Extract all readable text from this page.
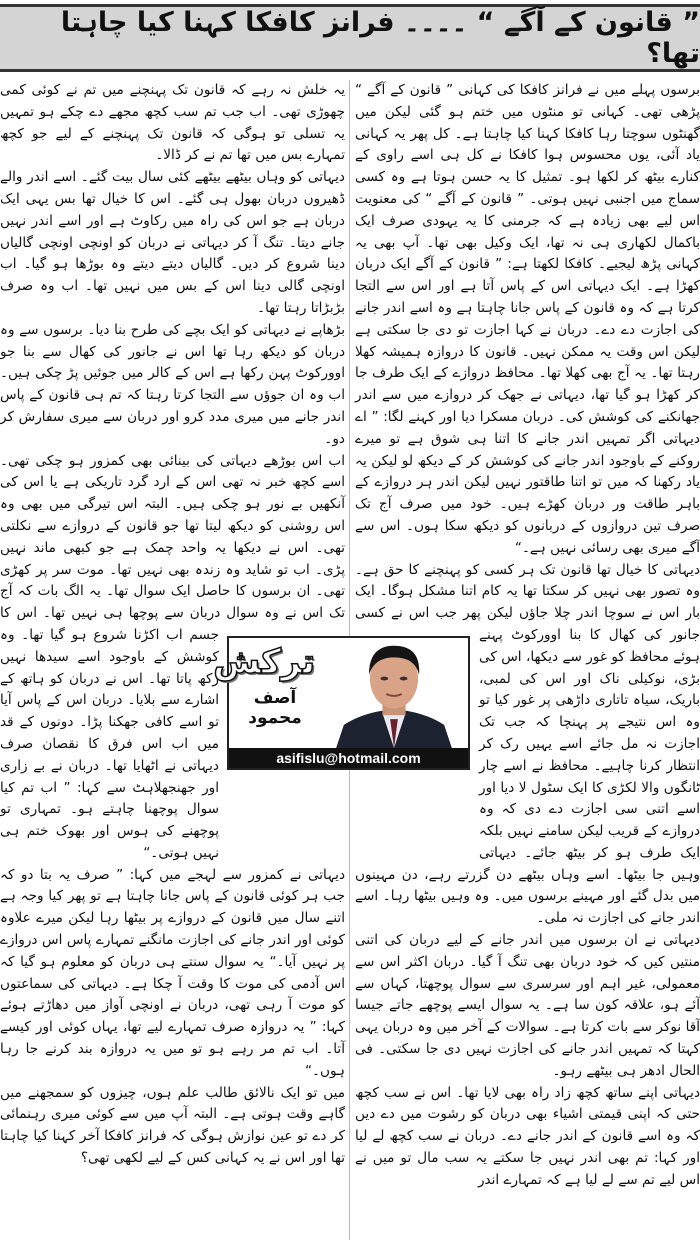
” قانون کے آگے “ ۔۔۔۔ فرانز کافکا کہنا کیا چاہتا تھا؟

برسوں پہلے میں نے فرانز کافکا کی کہانی ” قانون کے آگے “ پڑھی تھی۔ کہانی تو منٹوں میں ختم ہو گئی لیکن میں گھنٹوں سوچتا رہا کافکا کہنا کیا چاہتا ہے۔ کل پھر یہ کہانی یاد آئی، یوں محسوس ہوا کافکا نے کل ہی اسے راوی کے کنارے بیٹھ کر لکھا ہو۔ تمثیل کا یہ حسن ہوتا ہے وہ کسی سماج میں اجنبی نہیں ہوتی۔ ” قانون کے آگے “ کی معنویت اس لیے بھی زیادہ ہے کہ جرمنی کا یہ یہودی صرف ایک باکمال لکھاری ہی نہ تھا، ایک وکیل بھی تھا۔ آپ بھی یہ کہانی پڑھ لیجیے۔ کافکا لکھتا ہے: ” قانون کے آگے ایک دربان کھڑا ہے۔ ایک دیہاتی اس کے پاس آتا ہے اور اس سے التجا کرتا ہے کہ وہ قانون کے پاس جانا چاہتا ہے وہ اسے اندر جانے کی اجازت دے دے۔ دربان نے کہا اجازت تو دی جا سکتی ہے لیکن اس وقت یہ ممکن نہیں۔ قانون کا دروازہ ہمیشہ کھلا رہتا تھا۔ یہ آج بھی کھلا تھا۔ محافظ دروازے کے ایک طرف جا کر کھڑا ہو گیا تھا، دیہاتی نے جھک کر دروازے میں سے اندر جھانکنے کی کوشش کی۔ دربان مسکرا دیا اور کہنے لگا: ” اے دیہاتی اگر تمہیں اندر جانے کا اتنا ہی شوق ہے تو میرے روکنے کے باوجود اندر جانے کی کوشش کر کے دیکھ لو لیکن یہ یاد رکھنا کہ میں تو اتنا طاقتور نہیں لیکن اندر ہر دروازے کے باہر طاقت ور دربان کھڑے ہیں۔ خود میں صرف آج تک صرف تین دروازوں کے دربانوں کو دیکھ سکا ہوں۔ اس سے آگے میری بھی رسائی نہیں ہے۔“

دیہاتی کا خیال تھا قانون تک ہر کسی کو پہنچنے کا حق ہے۔ وہ تصور بھی نہیں کر سکتا تھا یہ کام اتنا مشکل ہوگا۔ ایک بار اس نے سوچا اندر چلا جاؤں لیکن پھر جب اس نے کسی جانور کی کھال کا بنا اوورکوٹ پہنے ہوئے محافظ کو غور سے دیکھا، اس کی بڑی، نوکیلی ناک اور اس کی لمبی، باریک، سیاہ تاتاری داڑھی پر غور کیا تو وہ اس نتیجے پر پہنچا کہ جب تک اجازت نہ مل جائے اسے یہیں رک کر انتظار کرنا چاہیے۔ محافظ نے اسے چار ٹانگوں والا لکڑی کا ایک سٹول لا دیا اور اسے اتنی سی اجازت دے دی کہ وہ دروازے کے قریب لیکن سامنے نہیں بلکہ ایک طرف ہو کر بیٹھ جائے۔ دیہاتی وہیں جا بیٹھا۔ اسے وہاں بیٹھے دن گزرتے رہے، دن مہینوں میں بدل گئے اور مہینے برسوں میں۔ وہ وہیں بیٹھا رہا۔ اسے اندر جانے کی اجازت نہ ملی۔

دیہاتی نے ان برسوں میں اندر جانے کے لیے دربان کی اتنی منتیں کیں کہ خود دربان بھی تنگ آ گیا۔ دربان اکثر اس سے معمولی، غیر اہم اور سرسری سے سوال پوچھتا، کہاں سے آئے ہو، علاقہ کون سا ہے۔ یہ سوال ایسے پوچھے جاتے جیسا آقا نوکر سے بات کرتا ہے۔ سوالات کے آخر میں وہ دربان یہی کہتا کہ تمہیں اندر جانے کی اجازت نہیں دی جا سکتی۔ فی الحال ادھر ہی بیٹھے رہو۔

دیہاتی اپنے ساتھ کچھ زاد راہ بھی لایا تھا۔ اس نے سب کچھ حتی کہ اپنی قیمتی اشیاء بھی دربان کو رشوت میں دے دیں کہ وہ اسے قانون کے اندر جانے دے۔ دربان نے سب کچھ لے لیا اور کہا: تم بھی اندر نہیں جا سکتے یہ سب مال تو میں نے اس لیے تم سے لے لیا ہے کہ تمہارے اندر

یہ خلش نہ رہے کہ قانون تک پہنچنے میں تم نے کوئی کمی چھوڑی تھی۔ اب جب تم سب کچھ مجھے دے چکے ہو تمہیں یہ تسلی تو ہوگی کہ قانون تک پہنچنے کے لیے جو کچھ تمہارے بس میں تھا تم نے کر ڈالا۔

دیہاتی کو وہاں بیٹھے بیٹھے کئی سال بیت گئے۔ اسے اندر والے ڈھیروں دربان بھول ہی گئے۔ اس کا خیال تھا بس یہی ایک دربان ہے جو اس کی راہ میں رکاوٹ ہے اور اسے اندر نہیں جانے دیتا۔ تنگ آ کر دیہاتی نے دربان کو اونچی اونچی گالیاں دینا شروع کر دیں۔ گالیاں دیتے دیتے وہ بوڑھا ہو گیا۔ اب اونچی گالی دینا اس کے بس میں نہیں تھا۔ اب وہ صرف بڑبڑاتا رہتا تھا۔

بڑھاپے نے دیہاتی کو ایک بچے کی طرح بنا دیا۔ برسوں سے وہ دربان کو دیکھ رہا تھا اس نے جانور کی کھال سے بنا جو اوورکوٹ پہن رکھا ہے اس کے کالر میں جوئیں پڑ چکی ہیں۔ اب وہ ان جوؤں سے التجا کرتا رہتا کہ تم ہی قانون کے پاس اندر جانے میں میری مدد کرو اور دربان سے میری سفارش کر دو۔

اب اس بوڑھے دیہاتی کی بینائی بھی کمزور ہو چکی تھی۔ اسے کچھ خبر نہ تھی اس کے ارد گرد تاریکی ہے یا اس کی آنکھیں بے نور ہو چکی ہیں۔ البتہ اس تیرگی میں بھی وہ اس روشنی کو دیکھ لیتا تھا جو قانون کے دروازے سے نکلتی تھی۔ اس نے دیکھا یہ واحد چمک ہے جو کبھی ماند نہیں پڑی۔ اب تو شاید وہ زندہ بھی نہیں تھا۔ موت سر پر کھڑی تھی۔ ان برسوں کا حاصل ایک سوال تھا۔ یہ الگ بات کہ آج تک اس نے وہ سوال دربان سے پوچھا ہی نہیں تھا۔ اس کا جسم اب اکڑنا شروع ہو گیا تھا۔ وہ کوشش کے باوجود اسے سیدھا نہیں رکھ پاتا تھا۔ اس نے دربان کو ہاتھ کے اشارے سے بلایا۔ دربان اس کے پاس آیا تو اسے کافی جھکنا پڑا۔ دونوں کے قد میں اب اس فرق کا نقصان صرف دیہاتی نے اٹھایا تھا۔ دربان نے بے زاری اور جھنجھلاہٹ سے کہا: ” اب تم کیا سوال پوچھنا چاہتے ہو۔ تمہاری تو پوچھنے کی ہوس اور بھوک ختم ہی نہیں ہوتی۔“

دیہاتی نے کمزور سے لہجے میں کہا: ” صرف یہ بتا دو کہ جب ہر کوئی قانون کے پاس جانا چاہتا ہے تو پھر کیا وجہ ہے اتنے سال میں قانون کے دروازے پر بیٹھا رہا لیکن میرے علاوہ کوئی اور اندر جانے کی اجازت مانگنے تمہارے پاس اس دروازے پر نہیں آیا۔“ یہ سوال سنتے ہی دربان کو معلوم ہو گیا کہ اس آدمی کی موت کا وقت آ چکا ہے۔ دیہاتی کی سماعتوں کو موت آ رہی تھی، دربان نے اونچی آواز میں دھاڑتے ہوئے کہا: ” یہ دروازہ صرف تمہارے لیے تھا، یہاں کوئی اور کیسے آتا۔ اب تم مر رہے ہو تو میں یہ دروازہ بند کرنے جا رہا ہوں۔“

میں تو ایک نالائق طالب علم ہوں، چیزوں کو سمجھنے میں گاہے وقت ہوتی ہے۔ البتہ آپ میں سے کوئی میری رہنمائی کر دے تو عین نوازش ہوگی کہ فرانز کافکا آخر کہنا کیا چاہتا تھا اور اس نے یہ کہانی کس کے لیے لکھی تھی؟

ترکش
آصف محمود
asifislu@hotmail.com
